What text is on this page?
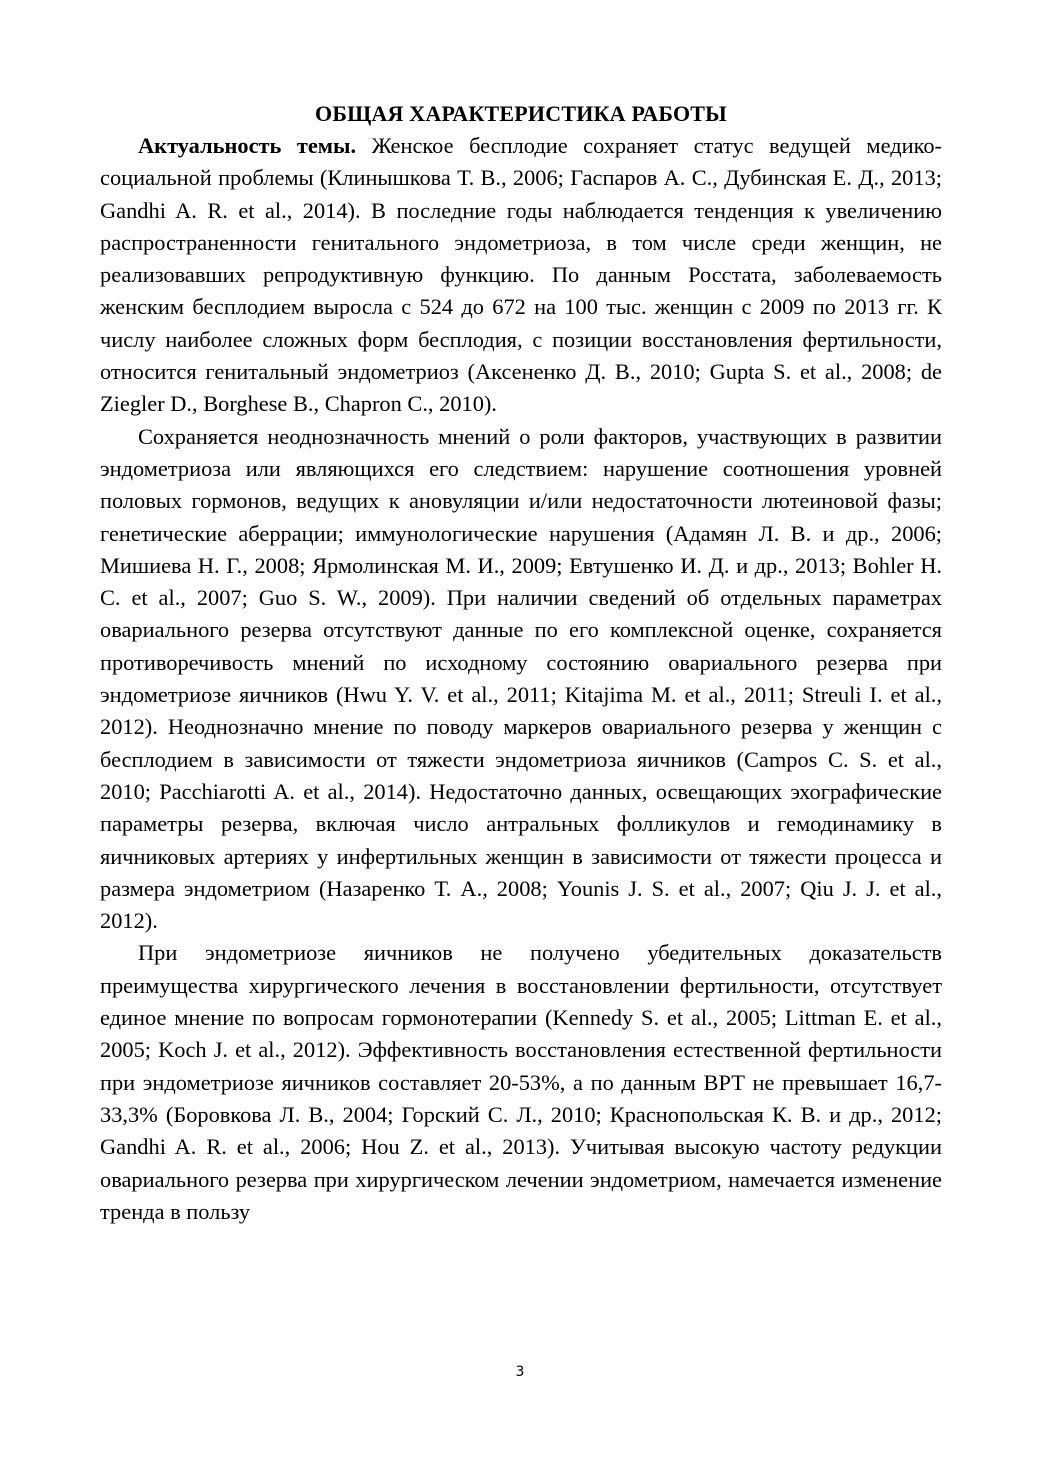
ОБЩАЯ ХАРАКТЕРИСТИКА РАБОТЫ

Актуальность темы. Женское бесплодие сохраняет статус ведущей медико-социальной проблемы (Клинышкова Т. В., 2006; Гаспаров А. С., Дубинская Е. Д., 2013; Gandhi A. R. et al., 2014). В последние годы наблюдается тенденция к увеличению распространенности генитального эндометриоза, в том числе среди женщин, не реализовавших репродуктивную функцию. По данным Росстата, заболеваемость женским бесплодием выросла с 524 до 672 на 100 тыс. женщин с 2009 по 2013 гг. К числу наиболее сложных форм бесплодия, с позиции восстановления фертильности, относится генитальный эндометриоз (Аксененко Д. В., 2010; Gupta S. et al., 2008; de Ziegler D., Borghese B., Chapron C., 2010).

Сохраняется неоднозначность мнений о роли факторов, участвующих в развитии эндометриоза или являющихся его следствием: нарушение соотношения уровней половых гормонов, ведущих к ановуляции и/или недостаточности лютеиновой фазы; генетические аберрации; иммунологические нарушения (Адамян Л. В. и др., 2006; Мишиева Н. Г., 2008; Ярмолинская М. И., 2009; Евтушенко И. Д. и др., 2013; Bohler H. C. et al., 2007; Guo S. W., 2009). При наличии сведений об отдельных параметрах овариального резерва отсутствуют данные по его комплексной оценке, сохраняется противоречивость мнений по исходному состоянию овариального резерва при эндометриозе яичников (Hwu Y. V. et al., 2011; Kitajima M. et al., 2011; Streuli I. et al., 2012). Неоднозначно мнение по поводу маркеров овариального резерва у женщин с бесплодием в зависимости от тяжести эндометриоза яичников (Campos C. S. et al., 2010; Pacchiarotti A. et al., 2014). Недостаточно данных, освещающих эхографические параметры резерва, включая число антральных фолликулов и гемодинамику в яичниковых артериях у инфертильных женщин в зависимости от тяжести процесса и размера эндометриом (Назаренко Т. А., 2008; Younis J. S. et al., 2007; Qiu J. J. et al., 2012).

При эндометриозе яичников не получено убедительных доказательств преимущества хирургического лечения в восстановлении фертильности, отсутствует единое мнение по вопросам гормонотерапии (Kennedy S. et al., 2005; Littman E. et al., 2005; Koch J. et al., 2012). Эффективность восстановления естественной фертильности при эндометриозе яичников составляет 20-53%, а по данным ВРТ не превышает 16,7-33,3% (Боровкова Л. В., 2004; Горский С. Л., 2010; Краснопольская К. В. и др., 2012; Gandhi A. R. et al., 2006; Hou Z. et al., 2013). Учитывая высокую частоту редукции овариального резерва при хирургическом лечении эндометриом, намечается изменение тренда в пользу

3
